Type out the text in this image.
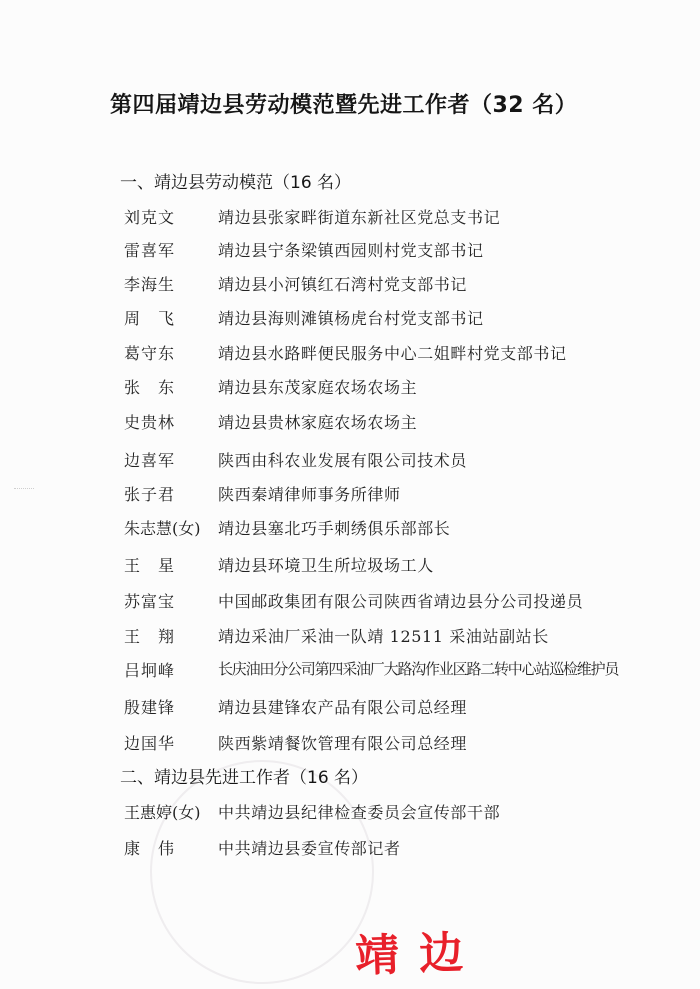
第四届靖边县劳动模范暨先进工作者（32 名）
一、靖边县劳动模范（16 名）
刘克文	靖边县张家畔街道东新社区党总支书记
雷喜军	靖边县宁条梁镇西园则村党支部书记
李海生	靖边县小河镇红石湾村党支部书记
周　飞	靖边县海则滩镇杨虎台村党支部书记
葛守东	靖边县水路畔便民服务中心二姐畔村党支部书记
张　东	靖边县东茂家庭农场农场主
史贵林	靖边县贵林家庭农场农场主
边喜军	陕西由科农业发展有限公司技术员
张子君	陕西秦靖律师事务所律师
朱志慧(女)	靖边县塞北巧手刺绣俱乐部部长
王　星	靖边县环境卫生所垃圾场工人
苏富宝	中国邮政集团有限公司陕西省靖边县分公司投递员
王　翔	靖边采油厂采油一队靖 12511 采油站副站长
吕坰峰	长庆油田分公司第四采油厂大路沟作业区路二转中心站巡检维护员
殷建锋	靖边县建锋农产品有限公司总经理
边国华	陕西紫靖餐饮管理有限公司总经理
二、靖边县先进工作者（16 名）
王惠婷(女)	中共靖边县纪律检查委员会宣传部干部
康　伟	中共靖边县委宣传部记者
靖边
